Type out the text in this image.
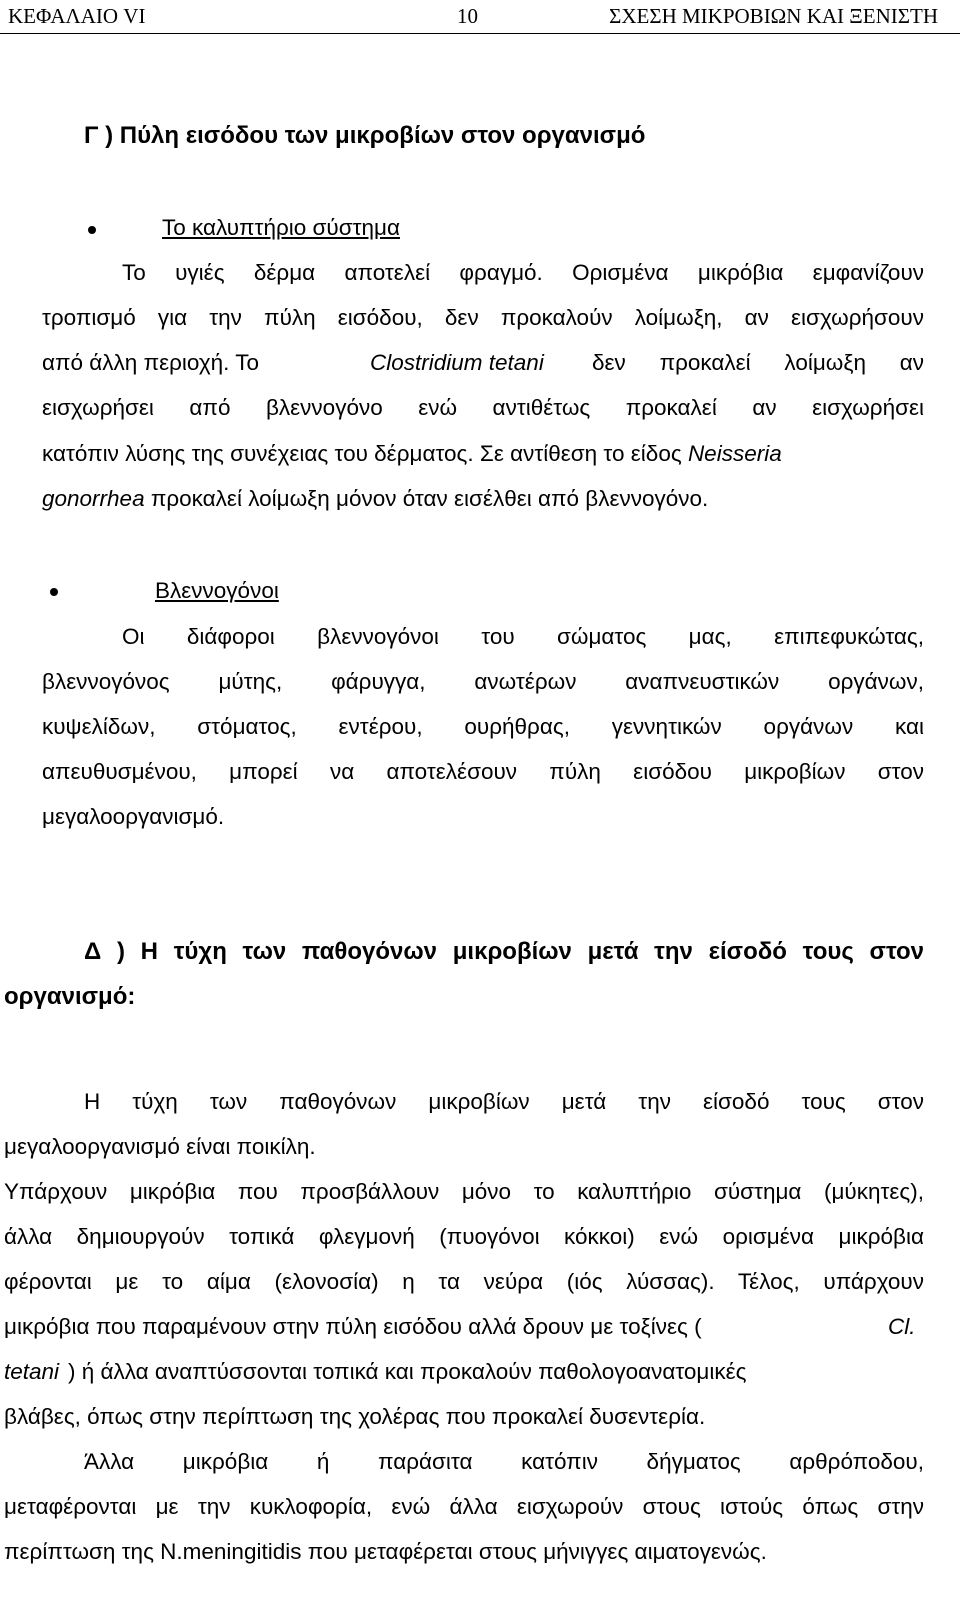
ΚΕΦΑΛΑΙΟ VI	10	ΣΧΕΣΗ ΜΙΚΡΟΒΙΩΝ ΚΑΙ ΞΕΝΙΣΤΗ
Γ ) Πύλη εισόδου των μικροβίων στον οργανισμό
Το καλυπτήριο σύστημα
Το υγιές δέρμα αποτελεί φραγμό. Ορισμένα μικρόβια εμφανίζουν
τροπισμό για την πύλη εισόδου, δεν προκαλούν λοίμωξη, αν εισχωρήσουν
από άλλη περιοχή. Το	Clostridium tetani δεν προκαλεί λοίμωξη αν
εισχωρήσει από βλεννογόνο ενώ αντιθέτως προκαλεί αν εισχωρήσει
κατόπιν λύσης της συνέχειας του δέρματος. Σε αντίθεση το είδος Neisseria
gonorrhea προκαλεί λοίμωξη μόνον όταν εισέλθει από βλεννογόνο.
Βλεννογόνοι
Οι διάφοροι βλεννογόνοι του σώματος μας, επιπεφυκώτας,
βλεννογόνος μύτης, φάρυγγα, ανωτέρων αναπνευστικών οργάνων,
κυψελίδων, στόματος, εντέρου, ουρήθρας, γεννητικών οργάνων και
απευθυσμένου, μπορεί να αποτελέσουν πύλη εισόδου μικροβίων στον
μεγαλοοργανισμό.
Δ ) Η τύχη των παθογόνων μικροβίων μετά την είσοδό τους στον
οργανισμό:
Η τύχη των παθογόνων μικροβίων μετά την είσοδό τους στον
μεγαλοοργανισμό είναι ποικίλη.
Υπάρχουν μικρόβια που προσβάλλουν μόνο το καλυπτήριο σύστημα (μύκητες),
άλλα δημιουργούν τοπικά φλεγμονή (πυογόνοι κόκκοι) ενώ ορισμένα μικρόβια
φέρονται με το αίμα (ελονοσία) η τα νεύρα (ιός λύσσας). Τέλος, υπάρχουν
μικρόβια που παραμένουν στην πύλη εισόδου αλλά δρουν με τοξίνες (	Cl.
tetani ) ή άλλα αναπτύσσονται τοπικά και προκαλούν παθολογοανατομικές
βλάβες, όπως στην περίπτωση της χολέρας που προκαλεί δυσεντερία.
Άλλα μικρόβια ή παράσιτα κατόπιν δήγματος αρθρόποδου,
μεταφέρονται με την κυκλοφορία, ενώ άλλα εισχωρούν στους ιστούς όπως στην
περίπτωση της N.meningitidis που μεταφέρεται στους μήνιγγες αιματογενώς.
